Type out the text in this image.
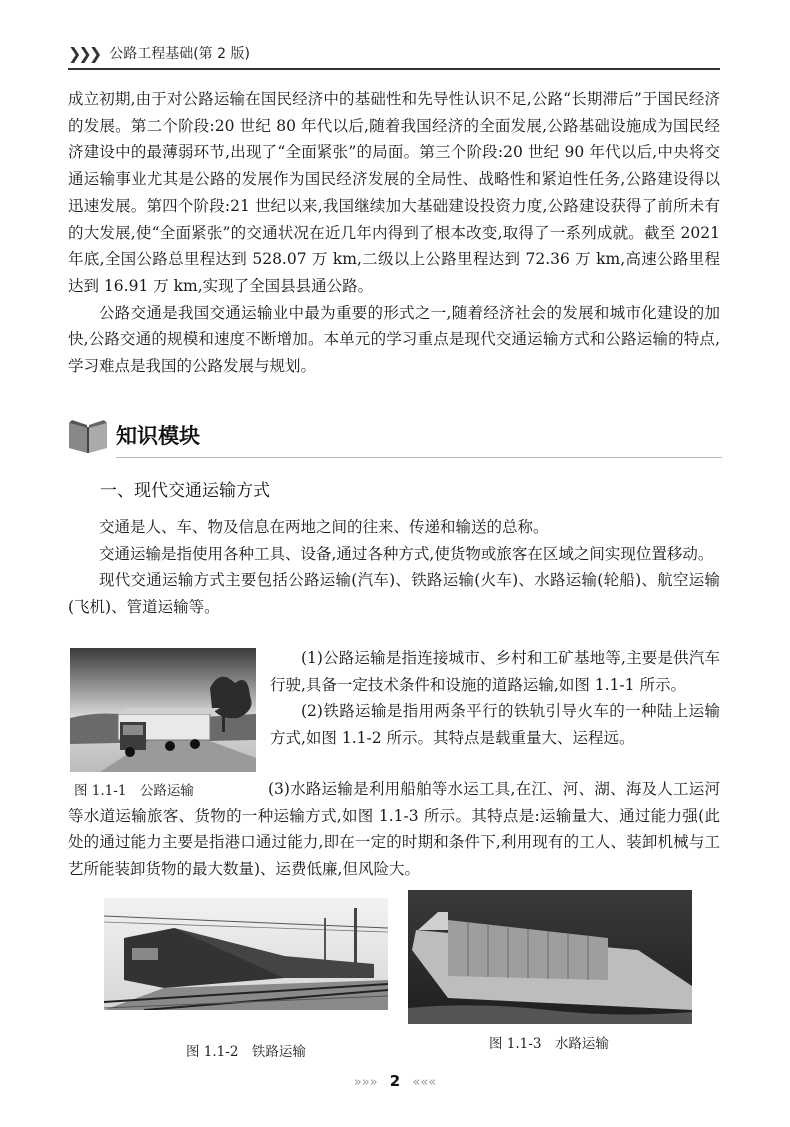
❯❯❯ 公路工程基础(第 2 版)

成立初期,由于对公路运输在国民经济中的基础性和先导性认识不足,公路“长期滞后”于国民经济的发展。第二个阶段:20 世纪 80 年代以后,随着我国经济的全面发展,公路基础设施成为国民经济建设中的最薄弱环节,出现了“全面紧张”的局面。第三个阶段:20 世纪 90 年代以后,中央将交通运输事业尤其是公路的发展作为国民经济发展的全局性、战略性和紧迫性任务,公路建设得以迅速发展。第四个阶段:21 世纪以来,我国继续加大基础建设投资力度,公路建设获得了前所未有的大发展,使“全面紧张”的交通状况在近几年内得到了根本改变,取得了一系列成就。截至 2021 年底,全国公路总里程达到 528.07 万 km,二级以上公路里程达到 72.36 万 km,高速公路里程达到 16.91 万 km,实现了全国县县通公路。

公路交通是我国交通运输业中最为重要的形式之一,随着经济社会的发展和城市化建设的加快,公路交通的规模和速度不断增加。本单元的学习重点是现代交通运输方式和公路运输的特点,学习难点是我国的公路发展与规划。

知识模块
一、现代交通运输方式

交通是人、车、物及信息在两地之间的往来、传递和输送的总称。

交通运输是指使用各种工具、设备,通过各种方式,使货物或旅客在区域之间实现位置移动。

现代交通运输方式主要包括公路运输(汽车)、铁路运输(火车)、水路运输(轮船)、航空运输(飞机)、管道运输等。

(1)公路运输是指连接城市、乡村和工矿基地等,主要是供汽车行驶,具备一定技术条件和设施的道路运输,如图 1.1-1 所示。

(2)铁路运输是指用两条平行的铁轨引导火车的一种陆上运输方式,如图 1.1-2 所示。其特点是载重量大、运程远。

图 1.1-1　公路运输	(3)水路运输是利用船舶等水运工具,在江、河、湖、海及人工运河等水道运输旅客、货物的一种运输方式,如图 1.1-3 所示。其特点是:运输量大、通过能力强(此处的通过能力主要是指港口通过能力,即在一定的时期和条件下,利用现有的工人、装卸机械与工艺所能装卸货物的最大数量)、运费低廉,但风险大。

图 1.1-2　铁路运输	图 1.1-3　水路运输
»»» 2 «««
